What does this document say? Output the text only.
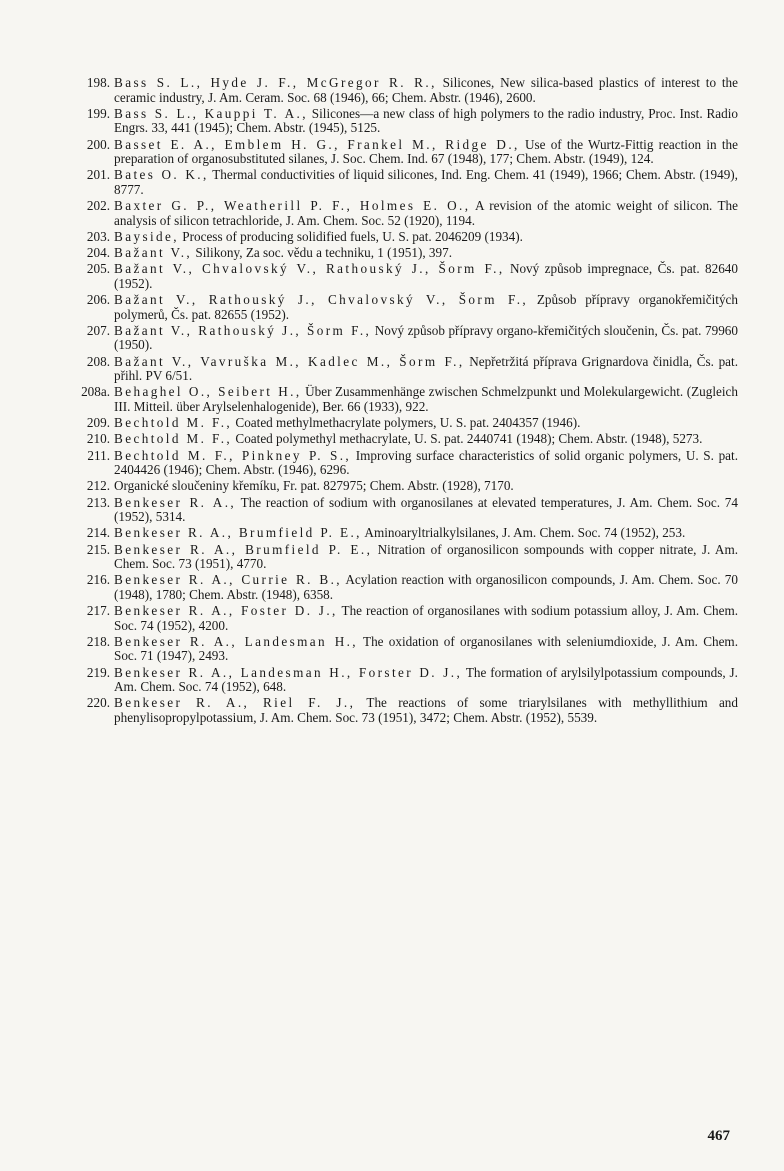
198. Bass S. L., Hyde J. F., McGregor R. R., Silicones, New silica-based plastics of interest to the ceramic industry, J. Am. Ceram. Soc. 68 (1946), 66; Chem. Abstr. (1946), 2600.
199. Bass S. L., Kauppi T. A., Silicones—a new class of high polymers to the radio industry, Proc. Inst. Radio Engrs. 33, 441 (1945); Chem. Abstr. (1945), 5125.
200. Basset E. A., Emblem H. G., Frankel M., Ridge D., Use of the Wurtz-Fittig reaction in the preparation of organosubstituted silanes, J. Soc. Chem. Ind. 67 (1948), 177; Chem. Abstr. (1949), 124.
201. Bates O. K., Thermal conductivities of liquid silicones, Ind. Eng. Chem. 41 (1949), 1966; Chem. Abstr. (1949), 8777.
202. Baxter G. P., Weatherill P. F., Holmes E. O., A revision of the atomic weight of silicon. The analysis of silicon tetrachloride, J. Am. Chem. Soc. 52 (1920), 1194.
203. Bayside, Process of producing solidified fuels, U. S. pat. 2046209 (1934).
204. Bažant V., Silikony, Za soc. vědu a techniku, 1 (1951), 397.
205. Bažant V., Chvalovský V., Rathouský J., Šorm F., Nový způsob impregnace, Čs. pat. 82640 (1952).
206. Bažant V., Rathouský J., Chvalovský V., Šorm F., Způsob přípravy organokřemičitých polymerů, Čs. pat. 82655 (1952).
207. Bažant V., Rathouský J., Šorm F., Nový způsob přípravy organo-křemičitých sloučenin, Čs. pat. 79960 (1950).
208. Bažant V., Vavruška M., Kadlec M., Šorm F., Nepřetržitá příprava Grignardova činidla, Čs. pat. přihl. PV 6/51.
208a. Behaghel O., Seibert H., Über Zusammenhänge zwischen Schmelzpunkt und Molekulargewicht. (Zugleich III. Mitteil. über Arylselenhalogenide), Ber. 66 (1933), 922.
209. Bechtold M. F., Coated methylmethacrylate polymers, U. S. pat. 2404357 (1946).
210. Bechtold M. F., Coated polymethyl methacrylate, U. S. pat. 2440741 (1948); Chem. Abstr. (1948), 5273.
211. Bechtold M. F., Pinkney P. S., Improving surface characteristics of solid organic polymers, U. S. pat. 2404426 (1946); Chem. Abstr. (1946), 6296.
212. Organické sloučeniny křemíku, Fr. pat. 827975; Chem. Abstr. (1928), 7170.
213. Benkeser R. A., The reaction of sodium with organosilanes at elevated temperatures, J. Am. Chem. Soc. 74 (1952), 5314.
214. Benkeser R. A., Brumfield P. E., Aminoaryltrialkylsilanes, J. Am. Chem. Soc. 74 (1952), 253.
215. Benkeser R. A., Brumfield P. E., Nitration of organosilicon sompounds with copper nitrate, J. Am. Chem. Soc. 73 (1951), 4770.
216. Benkeser R. A., Currie R. B., Acylation reaction with organosilicon compounds, J. Am. Chem. Soc. 70 (1948), 1780; Chem. Abstr. (1948), 6358.
217. Benkeser R. A., Foster D. J., The reaction of organosilanes with sodium potassium alloy, J. Am. Chem. Soc. 74 (1952), 4200.
218. Benkeser R. A., Landesman H., The oxidation of organosilanes with seleniumdioxide, J. Am. Chem. Soc. 71 (1947), 2493.
219. Benkeser R. A., Landesman H., Forster D. J., The formation of arylsilylpotassium compounds, J. Am. Chem. Soc. 74 (1952), 648.
220. Benkeser R. A., Riel F. J., The reactions of some triarylsilanes with methyllithium and phenylisopropylpotassium, J. Am. Chem. Soc. 73 (1951), 3472; Chem. Abstr. (1952), 5539.
467
